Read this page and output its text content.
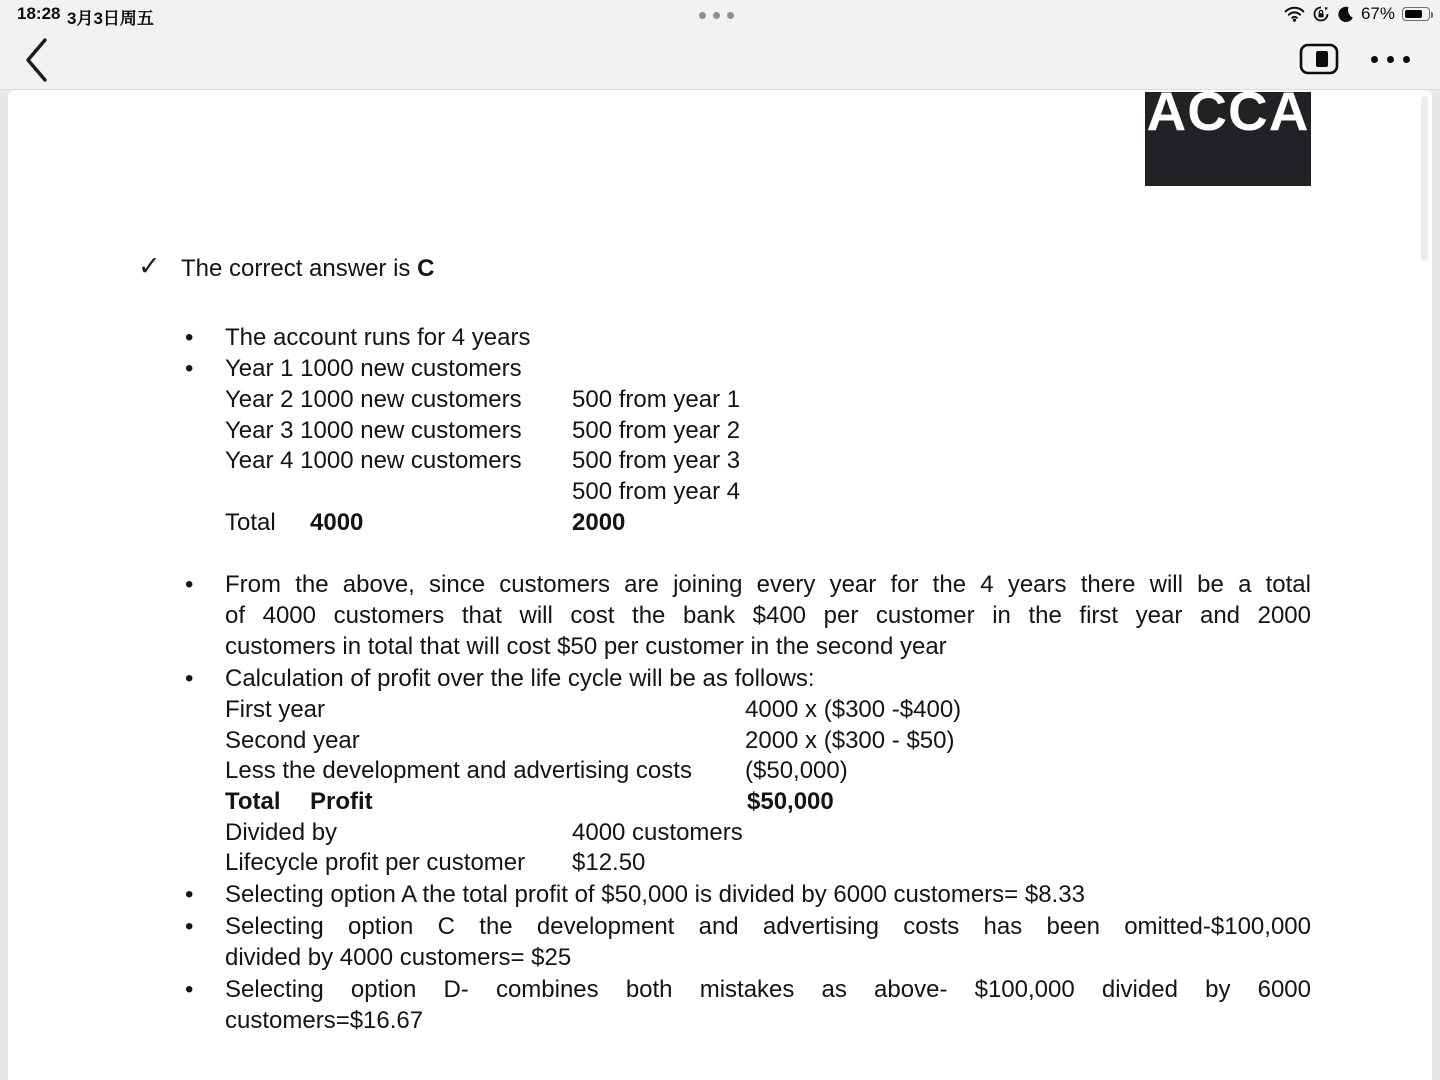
18:28 3月3日周五	67%
ACCA
✓ The correct answer is C
• The account runs for 4 years
• Year 1 1000 new customers
Year 2 1000 new customers 500 from year 1
Year 3 1000 new customers 500 from year 2
Year 4 1000 new customers 500 from year 3
500 from year 4
Total 4000	2000
• From the above, since customers are joining every year for the 4 years there will be a total
of 4000 customers that will cost the bank $400 per customer in the first year and 2000
customers in total that will cost $50 per customer in the second year
• Calculation of profit over the life cycle will be as follows:
First year	4000 x ($300 -$400)
Second year	2000 x ($300 - $50)
Less the development and advertising costs ($50,000)
Total Profit	$50,000
Divided by	4000 customers
Lifecycle profit per customer $12.50
• Selecting option A the total profit of $50,000 is divided by 6000 customers= $8.33
• Selecting option C the development and advertising costs has been omitted-$100,000
divided by 4000 customers= $25
• Selecting option D- combines both mistakes as above- $100,000 divided by 6000
customers=$16.67
